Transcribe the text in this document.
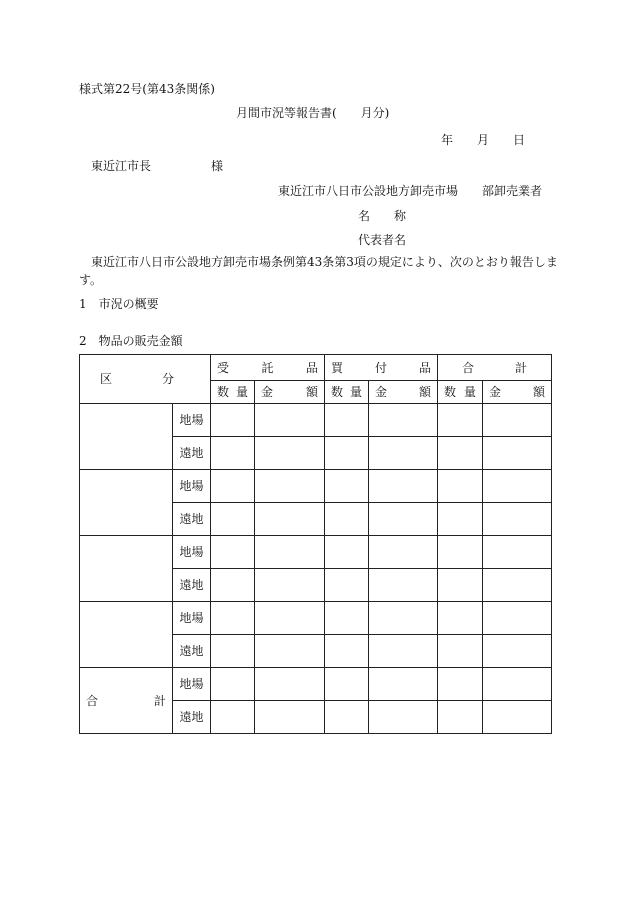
様式第22号(第43条関係)
月間市況等報告書(　　月分)
年　　月　　日
東近江市長　　　　　様
東近江市八日市公設地方卸売市場　　部卸売業者
名　　称
代表者名
東近江市八日市公設地方卸売市場条例第43条第3項の規定により、次のとおり報告しま
す。
1　市況の概要
2　物品の販売金額
区 分		受 託 品		買 付 品		合 計	

		数 量	金 額	数 量	金 額	数 量	金 額

	地場						
	遠地						
	地場						
	遠地						
	地場						
	遠地						
	地場						
	遠地						

合 計	地場						
	遠地						
